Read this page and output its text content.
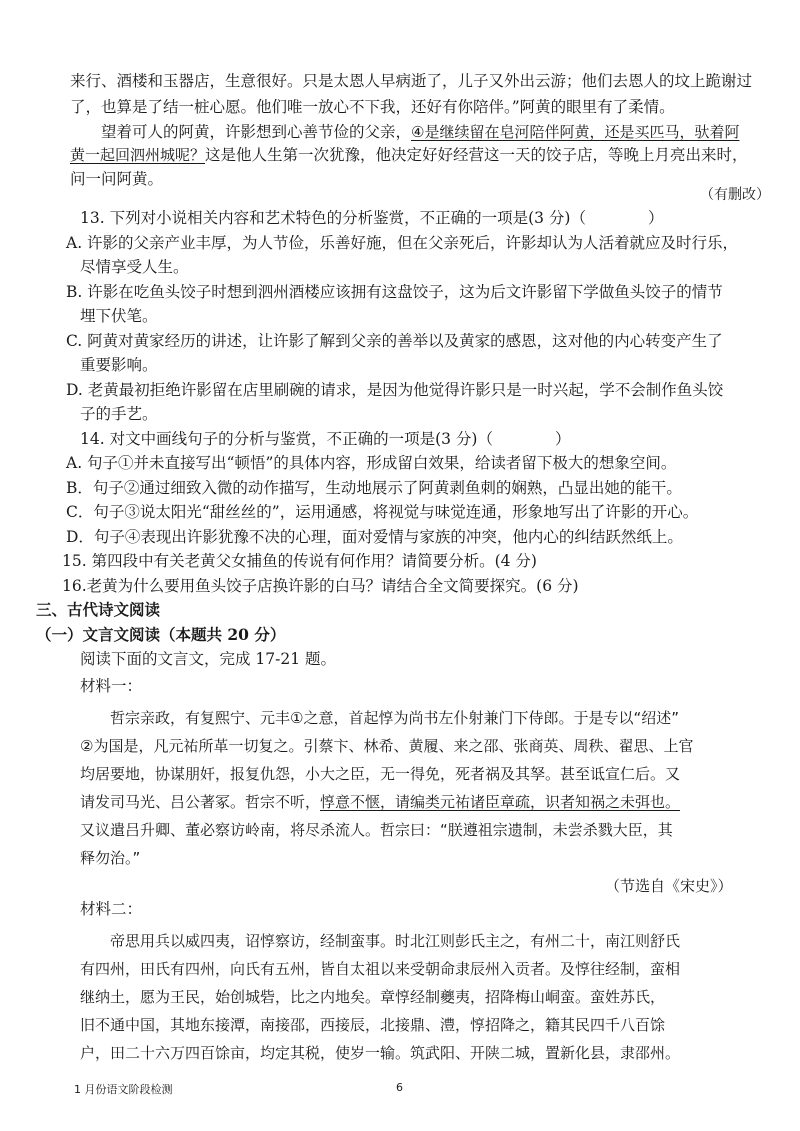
来行、酒楼和玉器店，生意很好。只是太恩人早病逝了，儿子又外出云游；他们去恩人的坟上跪谢过
了，也算是了结一桩心愿。他们唯一放心不下我，还好有你陪伴。”阿黄的眼里有了柔情。
望着可人的阿黄，许影想到心善节俭的父亲，④是继续留在皂河陪伴阿黄，还是买匹马，驮着阿
黄一起回泗州城呢？这是他人生第一次犹豫，他决定好好经营这一天的饺子店，等晚上月亮出来时，
问一问阿黄。
（有删改）
13. 下列对小说相关内容和艺术特色的分析鉴赏，不正确的一项是(3 分)（　　　　）
A. 许影的父亲产业丰厚，为人节俭，乐善好施，但在父亲死后，许影却认为人活着就应及时行乐，
尽情享受人生。
B. 许影在吃鱼头饺子时想到泗州酒楼应该拥有这盘饺子，这为后文许影留下学做鱼头饺子的情节
埋下伏笔。
C. 阿黄对黄家经历的讲述，让许影了解到父亲的善举以及黄家的感恩，这对他的内心转变产生了
重要影响。
D. 老黄最初拒绝许影留在店里刷碗的请求，是因为他觉得许影只是一时兴起，学不会制作鱼头饺
子的手艺。
14. 对文中画线句子的分析与鉴赏，不正确的一项是(3 分)（　　　　）
A. 句子①并未直接写出“顿悟”的具体内容，形成留白效果，给读者留下极大的想象空间。
B．句子②通过细致入微的动作描写，生动地展示了阿黄剥鱼刺的娴熟，凸显出她的能干。
C．句子③说太阳光“甜丝丝的”，运用通感，将视觉与味觉连通，形象地写出了许影的开心。
D．句子④表现出许影犹豫不决的心理，面对爱情与家族的冲突，他内心的纠结跃然纸上。
15. 第四段中有关老黄父女捕鱼的传说有何作用？请简要分析。(4 分)
16.老黄为什么要用鱼头饺子店换许影的白马？请结合全文简要探究。(6 分)
三、古代诗文阅读
（一）文言文阅读（本题共 20 分）
阅读下面的文言文，完成 17-21 题。
材料一：
哲宗亲政，有复熙宁、元丰①之意，首起惇为尚书左仆射兼门下侍郎。于是专以“绍述”
②为国是，凡元祐所革一切复之。引蔡卞、林希、黄履、来之邵、张商英、周秩、翟思、上官
均居要地，协谋朋奸，报复仇怨，小大之臣，无一得免，死者祸及其孥。甚至诋宣仁后。又
请发司马光、吕公著冢。哲宗不听，惇意不惬，请编类元祐诸臣章疏，识者知祸之未弭也。
又议遣吕升卿、董必察访岭南，将尽杀流人。哲宗曰：“朕遵祖宗遗制，未尝杀戮大臣，其
释勿治。”
（节选自《宋史》）
材料二：
帝思用兵以威四夷，诏惇察访，经制蛮事。时北江则彭氏主之，有州二十，南江则舒氏
有四州，田氏有四州，向氏有五州，皆自太祖以来受朝命隶辰州入贡者。及惇往经制，蛮相
继纳土，愿为王民，始创城砦，比之内地矣。章惇经制夔夷，招降梅山峒蛮。蛮姓苏氏，
旧不通中国，其地东接潭，南接邵，西接辰，北接鼎、澧，惇招降之，籍其民四千八百馀
户，田二十六万四百馀亩，均定其税，使岁一输。筑武阳、开陕二城，置新化县，隶邵州。
1 月份语文阶段检测	6
